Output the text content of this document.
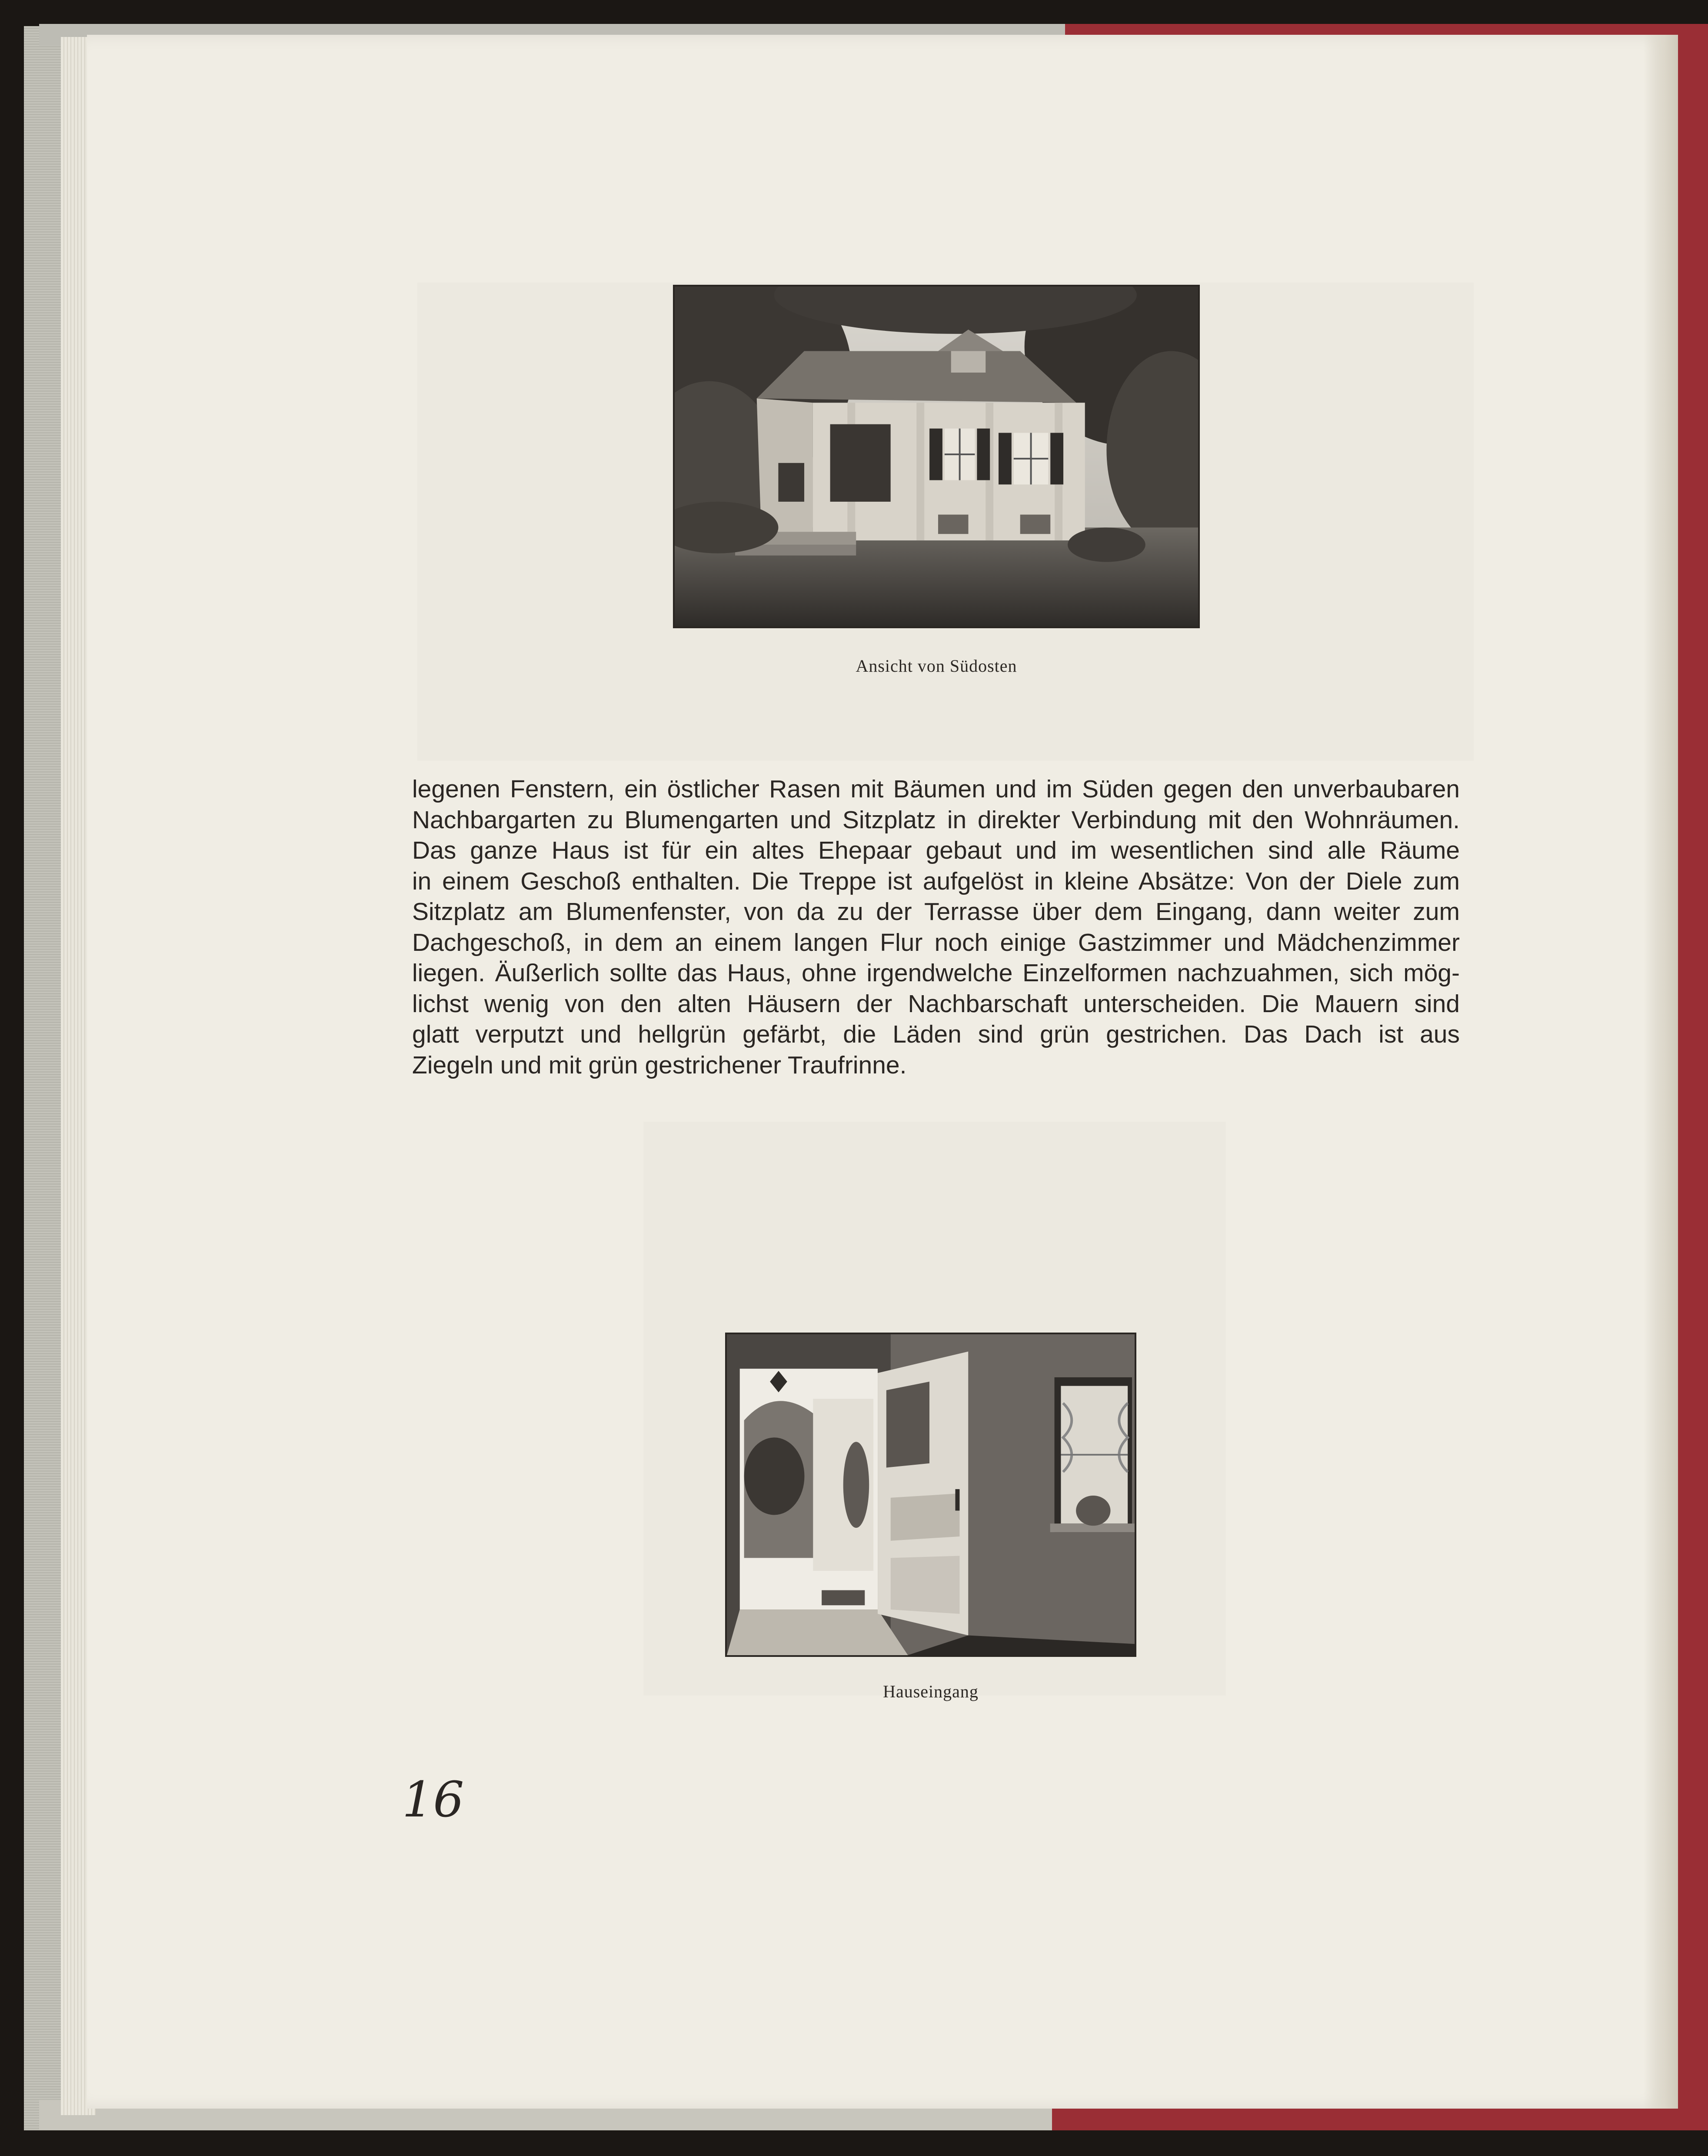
Ansicht von Südosten
legenen Fenstern, ein östlicher Rasen mit Bäumen und im Süden gegen den unverbaubaren
Nachbargarten zu Blumengarten und Sitzplatz in direkter Verbindung mit den Wohnräumen.
Das ganze Haus ist für ein altes Ehepaar gebaut und im wesentlichen sind alle Räume
in einem Geschoß enthalten. Die Treppe ist aufgelöst in kleine Absätze: Von der Diele zum
Sitzplatz am Blumenfenster, von da zu der Terrasse über dem Eingang, dann weiter zum
Dachgeschoß, in dem an einem langen Flur noch einige Gastzimmer und Mädchenzimmer
liegen. Äußerlich sollte das Haus, ohne irgendwelche Einzelformen nachzuahmen, sich mög-
lichst wenig von den alten Häusern der Nachbarschaft unterscheiden. Die Mauern sind
glatt verputzt und hellgrün gefärbt, die Läden sind grün gestrichen. Das Dach ist aus
Ziegeln und mit grün gestrichener Traufrinne.
Hauseingang
16
